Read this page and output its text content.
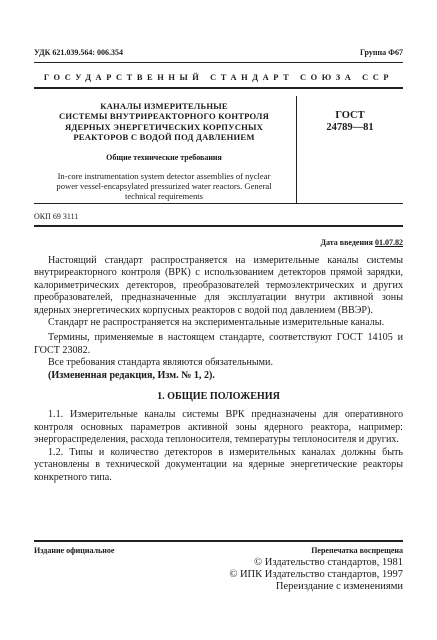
УДК 621.039.564: 006.354	Группа Ф67
ГОСУДАРСТВЕННЫЙ СТАНДАРТ СОЮЗА ССР
КАНАЛЫ ИЗМЕРИТЕЛЬНЫЕ
СИСТЕМЫ ВНУТРИРЕАКТОРНОГО КОНТРОЛЯ
ЯДЕРНЫХ ЭНЕРГЕТИЧЕСКИХ КОРПУСНЫХ
РЕАКТОРОВ С ВОДОЙ ПОД ДАВЛЕНИЕМ
Общие технические требования
In-core instrumentation system detector assemblies of nyclear
power vessel-encapsylated pressurized water reactors. General
technical requirements
ГОСТ
24789—81
ОКП 69 3111
Дата введения 01.07.82

Настоящий стандарт распространяется на измерительные каналы системы внутриреакторного контроля (ВРК) с использованием детекторов прямой зарядки, калориметрических детекторов, преобразователей термоэлектрических и других преобразователей, предназначенные для эксплуатации внутри активной зоны ядерных энергетических корпусных реакторов с водой под давлением (ВВЭР).

Стандарт не распространяется на экспериментальные измерительные каналы.

Термины, применяемые в настоящем стандарте, соответствуют ГОСТ 14105 и ГОСТ 23082.

Все требования стандарта являются обязательными.

(Измененная редакция, Изм. № 1, 2).

1. ОБЩИЕ ПОЛОЖЕНИЯ

1.1. Измерительные каналы системы ВРК предназначены для оперативного контроля основных параметров активной зоны ядерного реактора, например: энергораспределения, расхода теплоносителя, температуры теплоносителя и других.

1.2. Типы и количество детекторов в измерительных каналах должны быть установлены в технической документации на ядерные энергетические реакторы конкретного типа.

Издание официальное	Перепечатка воспрещена
© Издательство стандартов, 1981
© ИПК Издательство стандартов, 1997
Переиздание с изменениями
